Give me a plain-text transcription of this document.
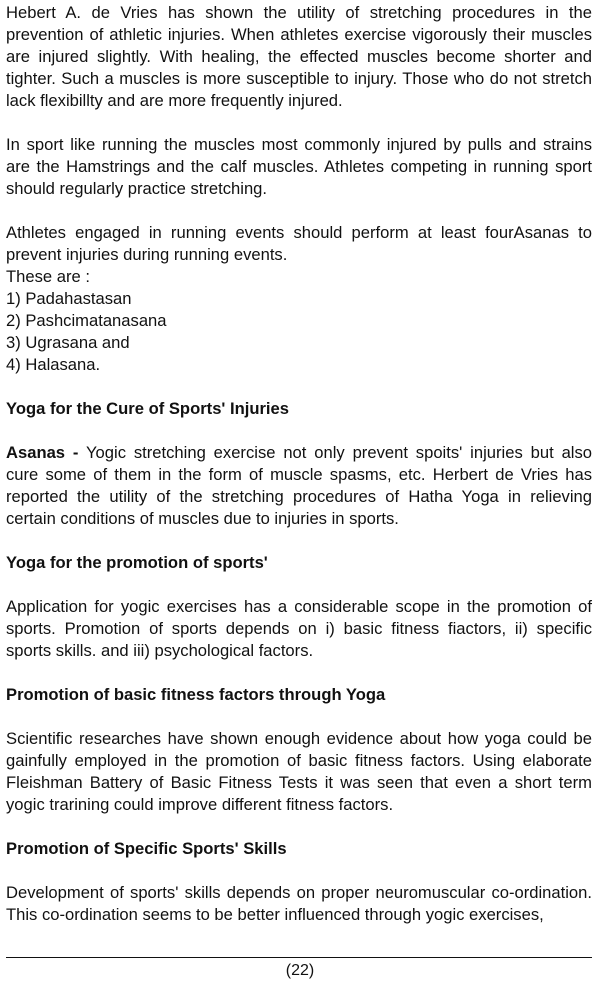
Hebert A. de Vries has shown the utility of stretching procedures in the prevention of athletic injuries. When athletes exercise vigorously their muscles are injured slightly. With healing, the effected muscles become shorter and tighter. Such a muscles is more susceptible to injury. Those who do not stretch lack flexibillty and are more frequently injured.

In sport like running the muscles most commonly injured by pulls and strains are the Hamstrings and the calf muscles. Athletes competing in running sport should regularly practice stretching.

Athletes engaged in running events should perform at least fourAsanas to prevent injuries during running events.

These are :

1) Padahastasan
2) Pashcimatanasana
3) Ugrasana and
4) Halasana.
Yoga for the Cure of Sports' Injuries

Asanas - Yogic stretching exercise not only prevent spoits' injuries but also cure some of them in the form of muscle spasms, etc. Herbert de Vries has reported the utility of the stretching procedures of Hatha Yoga in relieving certain conditions of muscles due to injuries in sports.

Yoga for the promotion of sports'

Application for yogic exercises has a considerable scope in the promotion of sports. Promotion of sports depends on i) basic fitness fiactors, ii) specific sports skills. and iii) psychological factors.

Promotion of basic fitness factors through Yoga

Scientific researches have shown enough evidence about how yoga could be gainfully employed in the promotion of basic fitness factors. Using elaborate Fleishman Battery of Basic Fitness Tests it was seen that even a short term yogic trarining could improve different fitness factors.

Promotion of Specific Sports' Skills

Development of sports' skills depends on proper neuromuscular co-ordination. This co-ordination seems to be better influenced through yogic exercises,

(22)
